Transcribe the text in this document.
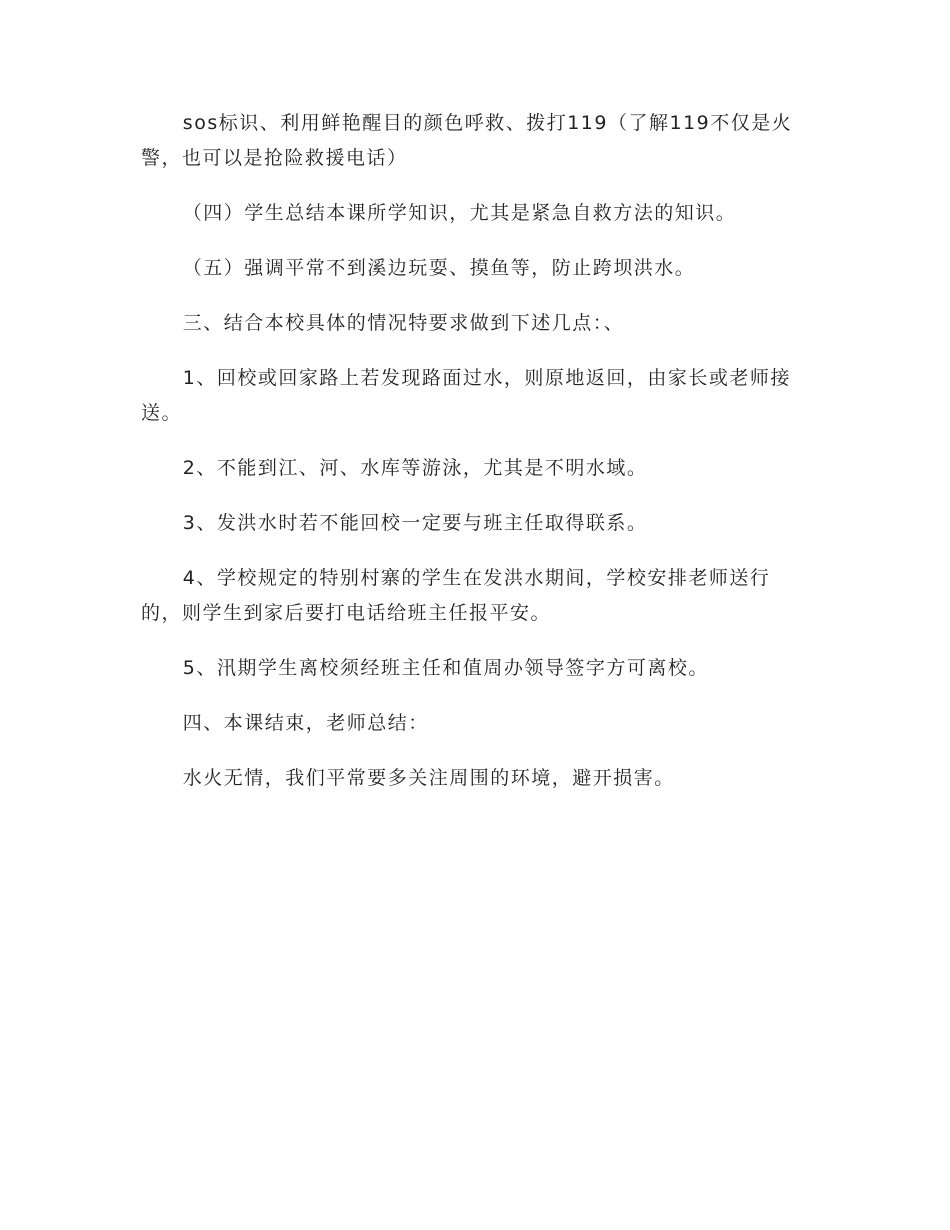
sos标识、利用鲜艳醒目的颜色呼救、拨打119（了解119不仅是火警，也可以是抢险救援电话）

（四）学生总结本课所学知识，尤其是紧急自救方法的知识。

（五）强调平常不到溪边玩耍、摸鱼等，防止跨坝洪水。

三、结合本校具体的情况特要求做到下述几点：、

1、回校或回家路上若发现路面过水，则原地返回，由家长或老师接送。

2、不能到江、河、水库等游泳，尤其是不明水域。

3、发洪水时若不能回校一定要与班主任取得联系。

4、学校规定的特别村寨的学生在发洪水期间，学校安排老师送行的，则学生到家后要打电话给班主任报平安。

5、汛期学生离校须经班主任和值周办领导签字方可离校。

四、本课结束，老师总结：

水火无情，我们平常要多关注周围的环境，避开损害。
